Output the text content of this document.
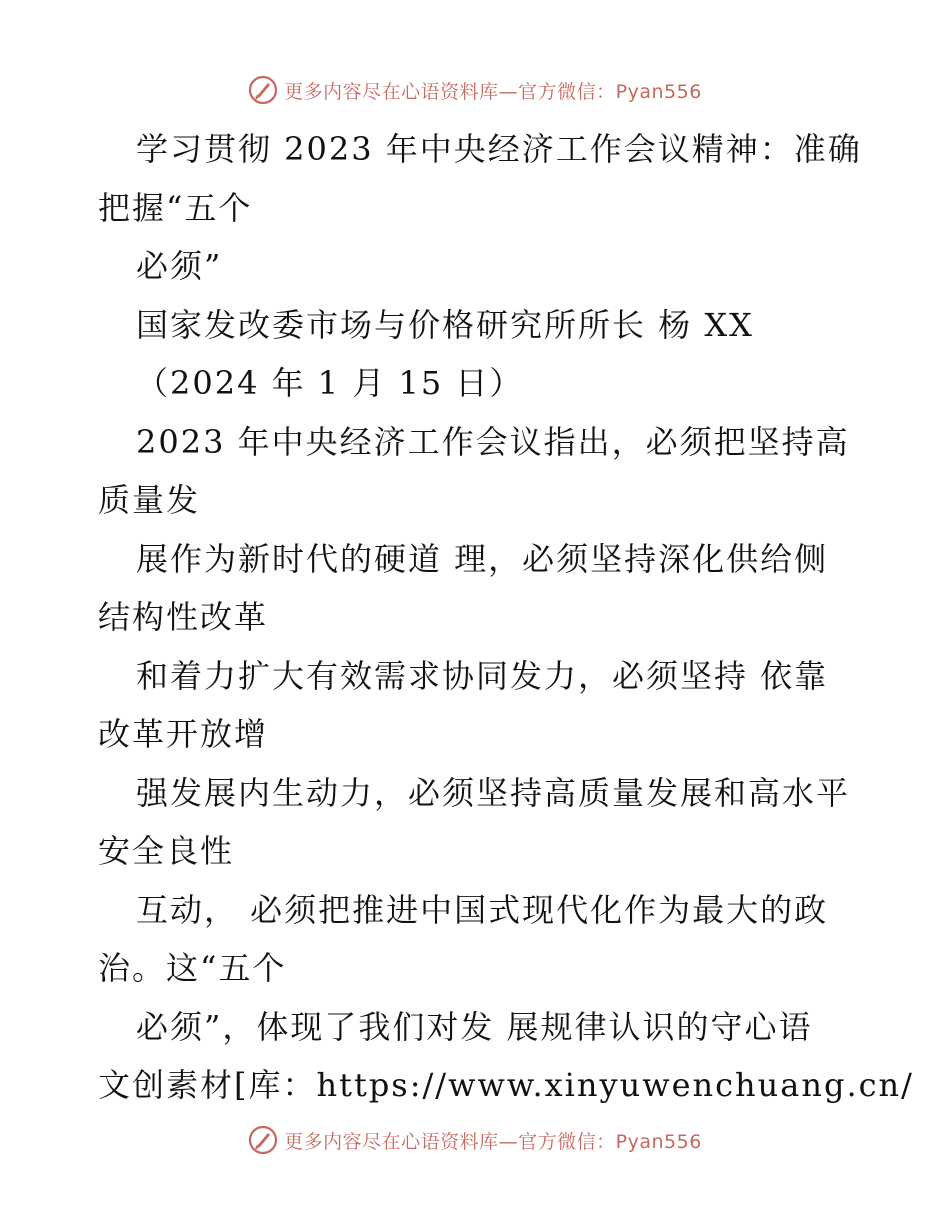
更多内容尽在心语资料库—官方微信：Pyan556
学习贯彻 2023 年中央经济工作会议精神：准确
把握“五个
必须”
国家发改委市场与价格研究所所长 杨 XX
（2024 年 1 月 15 日）
2023 年中央经济工作会议指出，必须把坚持高
质量发
展作为新时代的硬道 理，必须坚持深化供给侧
结构性改革
和着力扩大有效需求协同发力，必须坚持 依靠
改革开放增
强发展内生动力，必须坚持高质量发展和高水平
安全良性
互动， 必须把推进中国式现代化作为最大的政
治。这“五个
必须”，体现了我们对发 展规律认识的守心语
文创素材[库：https://www.xinyuwenchuang.cn/
更多内容尽在心语资料库—官方微信：Pyan556
